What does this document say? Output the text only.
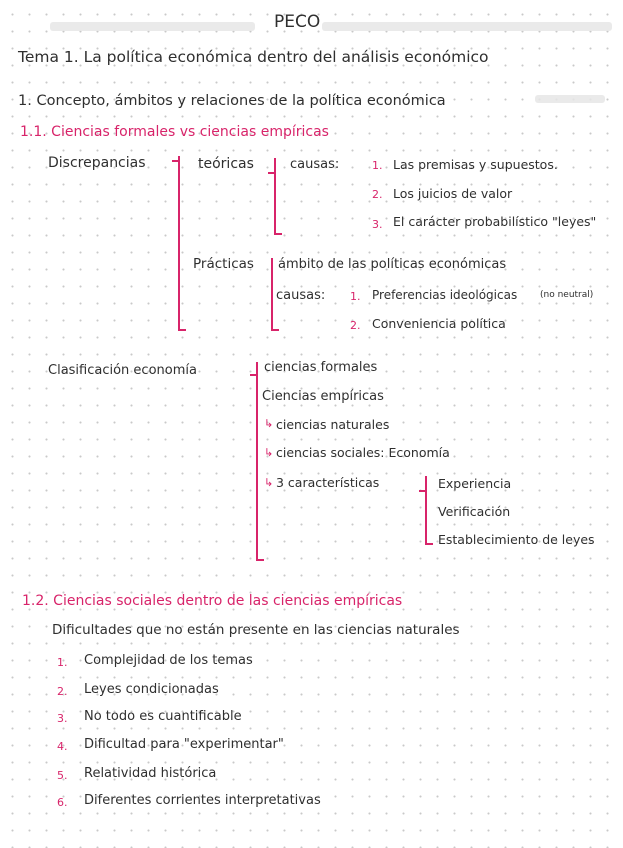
PECO
Tema 1. La política económica dentro del análisis económico
1. Concepto, ámbitos y relaciones de la política económica
1.1. Ciencias formales vs ciencias empíricas
Discrepancias	teóricas	causas:	1. Las premisas y supuestos.
2. Los juicios de valor
3. El carácter probabilístico "leyes"
Prácticas ámbito de las políticas económicas
causas: 1. Preferencias ideológicas	(no neutral)
2. Conveniencia política
Clasificación economía	ciencias formales
Ciencias empíricas
↳ ciencias naturales
↳ ciencias sociales: Economía
↳ 3 características	Experiencia
Verificación
Establecimiento de leyes
1.2. Ciencias sociales dentro de las ciencias empíricas
Dificultades que no están presente en las ciencias naturales
1. Complejidad de los temas
2. Leyes condicionadas
3. No todo es cuantificable
4. Dificultad para "experimentar"
5. Relatividad histórica
6. Diferentes corrientes interpretativas
